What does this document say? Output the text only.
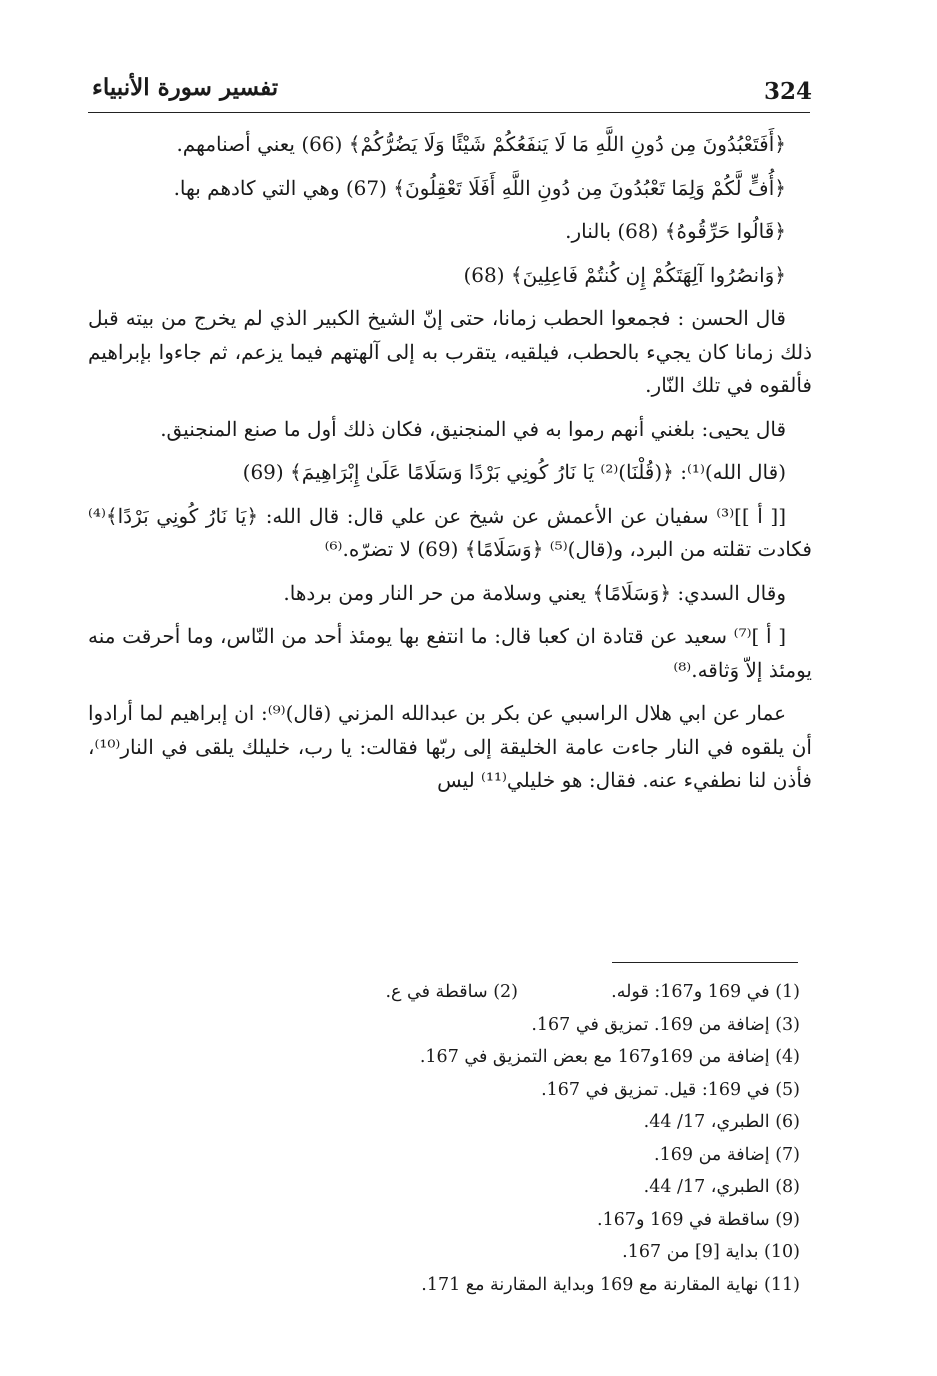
324
تفسير سورة الأنبياء

﴿أَفَتَعْبُدُونَ مِن دُونِ اللَّهِ مَا لَا يَنفَعُكُمْ شَيْئًا وَلَا يَضُرُّكُمْ﴾ (66) يعني أصنامهم.

﴿أُفٍّ لَّكُمْ وَلِمَا تَعْبُدُونَ مِن دُونِ اللَّهِ أَفَلَا تَعْقِلُونَ﴾ (67) وهي التي كادهم بها.

﴿قَالُوا حَرِّقُوهُ﴾ (68) بالنار.

﴿وَانصُرُوا آلِهَتَكُمْ إِن كُنتُمْ فَاعِلِينَ﴾ (68)

قال الحسن : فجمعوا الحطب زمانا، حتى إنّ الشيخ الكبير الذي لم يخرج من بيته قبل ذلك زمانا كان يجيء بالحطب، فيلقيه، يتقرب به إلى آلهتهم فيما يزعم، ثم جاءوا بإبراهيم فألقوه في تلك النّار.

قال يحيى: بلغني أنهم رموا به في المنجنيق، فكان ذلك أول ما صنع المنجنيق.

(قال الله)⁽¹⁾: ﴿(قُلْنَا)⁽²⁾ يَا نَارُ كُونِي بَرْدًا وَسَلَامًا عَلَىٰ إِبْرَاهِيمَ﴾ (69)

[[ أ ]]⁽³⁾ سفيان عن الأعمش عن شيخ عن علي قال: قال الله: ﴿يَا نَارُ كُونِي بَرْدًا﴾⁽⁴⁾ فكادت تقلته من البرد، و(قال)⁽⁵⁾ ﴿وَسَلَامًا﴾ (69) لا تضرّه.⁽⁶⁾

وقال السدي: ﴿وَسَلَامًا﴾ يعني وسلامة من حر النار ومن بردها.

[ أ ]⁽⁷⁾ سعيد عن قتادة ان كعبا قال: ما انتفع بها يومئذ أحد من النّاس، وما أحرقت منه يومئذ إلاّ وَثاقه.⁽⁸⁾

عمار عن ابي هلال الراسبي عن بكر بن عبدالله المزني (قال)⁽⁹⁾: ان إبراهيم لما أرادوا أن يلقوه في النار جاءت عامة الخليقة إلى ربّها فقالت: يا رب، خليلك يلقى في النار⁽¹⁰⁾، فأذن لنا نطفيء عنه. فقال: هو خليلي⁽¹¹⁾ ليس

(1) في 169 و167: قوله.
(2) ساقطة في ع.
(3) إضافة من 169. تمزيق في 167.
(4) إضافة من 169و167 مع بعض التمزيق في 167.
(5) في 169: قيل. تمزيق في 167.
(6) الطبري، 17/ 44.
(7) إضافة من 169.
(8) الطبري، 17/ 44.
(9) ساقطة في 169 و167.
(10) بداية [9] من 167.
(11) نهاية المقارنة مع 169 وبداية المقارنة مع 171.
